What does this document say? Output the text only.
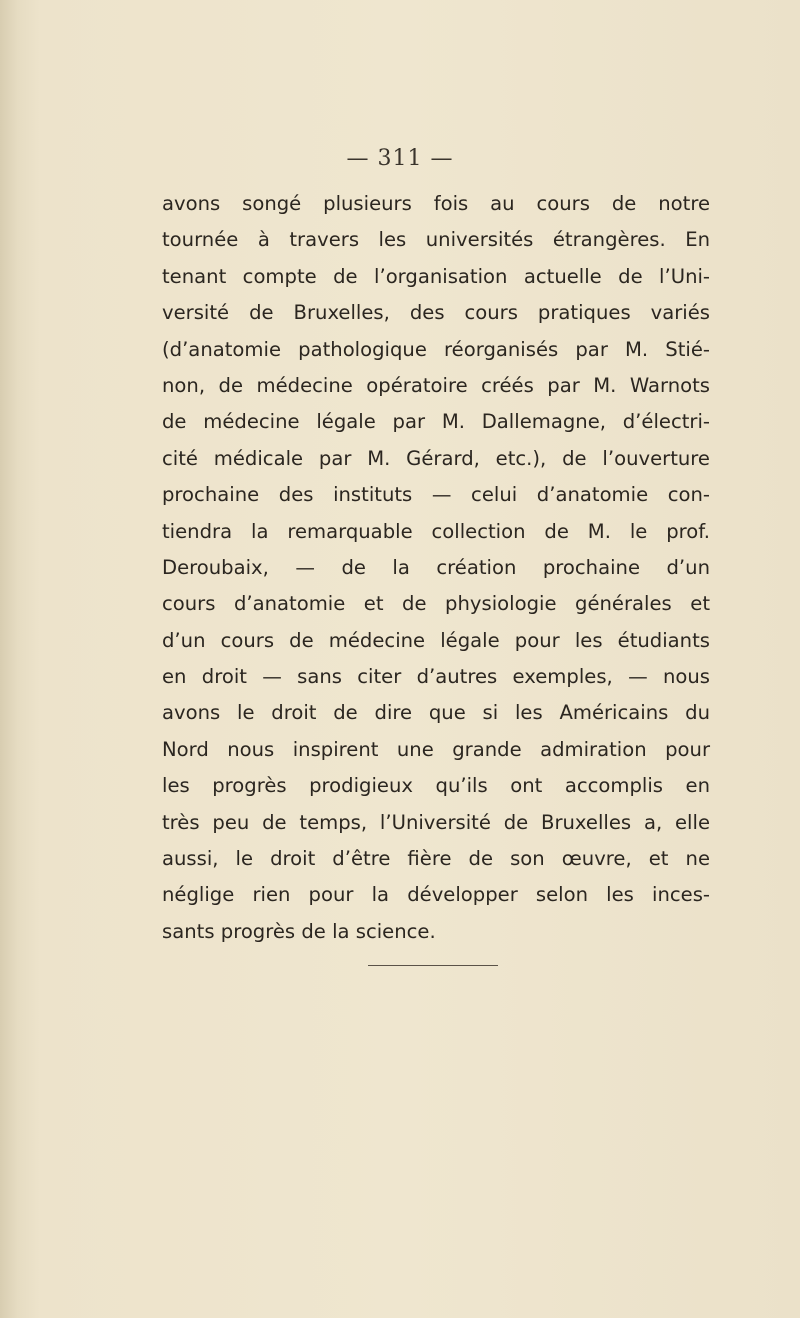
— 311 —
avons songé plusieurs fois au cours de notre
tournée à travers les universités étrangères. En
tenant compte de l’organisation actuelle de l’Uni-
versité de Bruxelles, des cours pratiques variés
(d’anatomie pathologique réorganisés par M. Stié-
non, de médecine opératoire créés par M. Warnots
de médecine légale par M. Dallemagne, d’électri-
cité médicale par M. Gérard, etc.), de l’ouverture
prochaine des instituts — celui d’anatomie con-
tiendra la remarquable collection de M. le prof.
Deroubaix, — de la création prochaine d’un
cours d’anatomie et de physiologie générales et
d’un cours de médecine légale pour les étudiants
en droit — sans citer d’autres exemples, — nous
avons le droit de dire que si les Américains du
Nord nous inspirent une grande admiration pour
les progrès prodigieux qu’ils ont accomplis en
très peu de temps, l’Université de Bruxelles a, elle
aussi, le droit d’être fière de son œuvre, et ne
néglige rien pour la développer selon les inces-
sants progrès de la science.
